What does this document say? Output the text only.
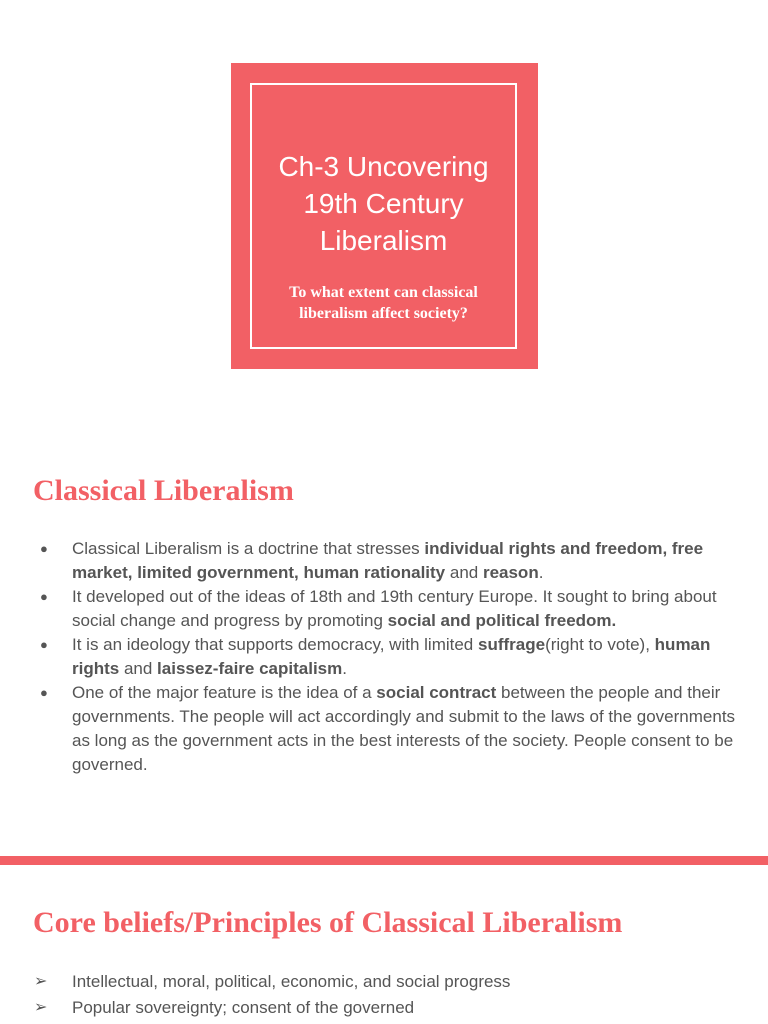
Ch-3 Uncovering 19th Century Liberalism
To what extent can classical liberalism affect society?
Classical Liberalism
● Classical Liberalism is a doctrine that stresses individual rights and freedom, free market, limited government, human rationality and reason.
● It developed out of the ideas of 18th and 19th century Europe. It sought to bring about social change and progress by promoting social and political freedom.
● It is an ideology that supports democracy, with limited suffrage(right to vote), human rights and laissez-faire capitalism.
● One of the major feature is the idea of a social contract between the people and their governments. The people will act accordingly and submit to the laws of the governments as long as the government acts in the best interests of the society. People consent to be governed.
Core beliefs/Principles of Classical Liberalism
➢ Intellectual, moral, political, economic, and social progress
➢ Popular sovereignty; consent of the governed
